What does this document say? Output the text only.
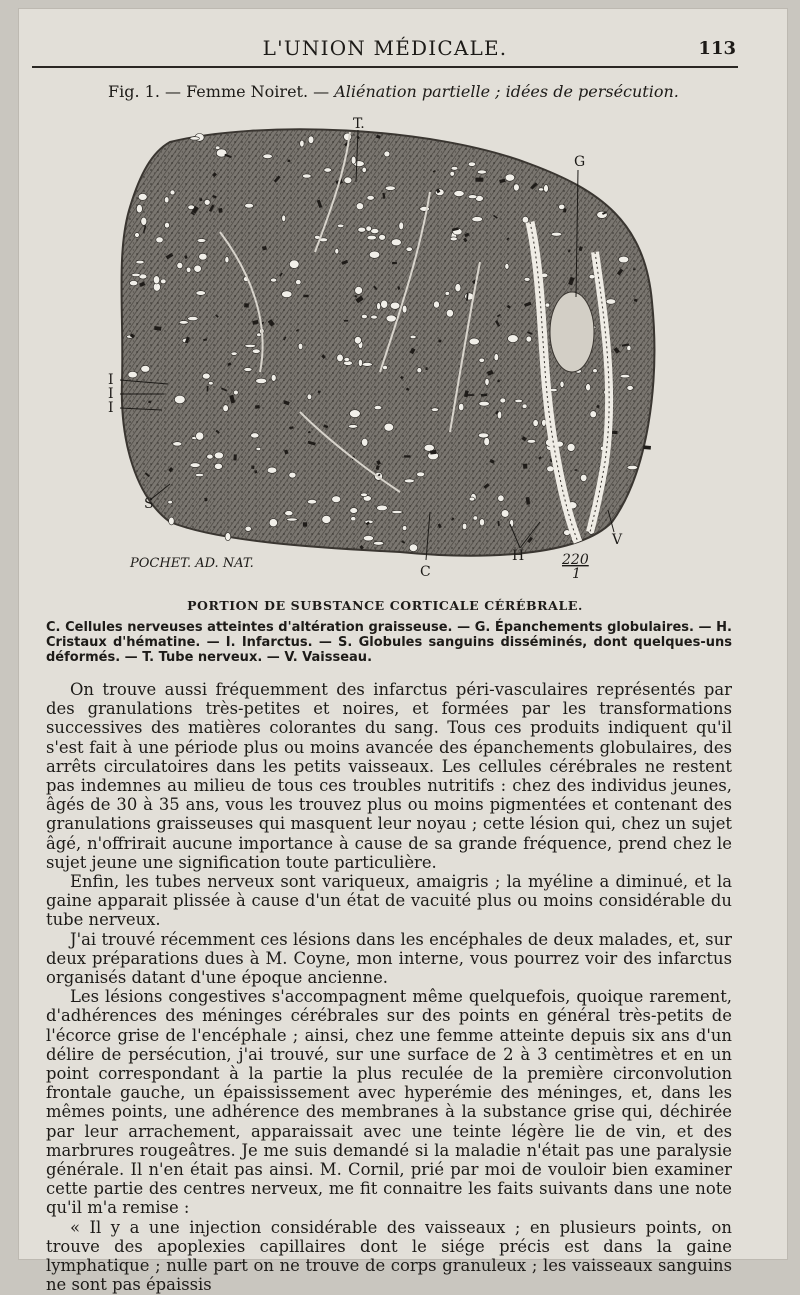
L'UNION MÉDICALE.	113
Fig. 1. — Femme Noiret. — Aliénation partielle ; idées de persécution.
T.
G
I
I
I
S
C
H
V
POCHET. AD. NAT.	220
1
PORTION DE SUBSTANCE CORTICALE CÉRÉBRALE.
C. Cellules nerveuses atteintes d'altération graisseuse. — G. Épanchements globulaires. — H. Cristaux d'hématine. — I. Infarctus. — S. Globules sanguins disséminés, dont quelques-uns déformés. — T. Tube nerveux. — V. Vaisseau.

On trouve aussi fréquemment des infarctus péri-vasculaires représentés par des granulations très-petites et noires, et formées par les transformations successives des matières colorantes du sang. Tous ces produits indiquent qu'il s'est fait à une période plus ou moins avancée des épanchements globulaires, des arrêts circulatoires dans les petits vaisseaux. Les cellules cérébrales ne restent pas indemnes au milieu de tous ces troubles nutritifs : chez des individus jeunes, âgés de 30 à 35 ans, vous les trouvez plus ou moins pigmentées et contenant des granulations graisseuses qui masquent leur noyau ; cette lésion qui, chez un sujet âgé, n'offrirait aucune importance à cause de sa grande fréquence, prend chez le sujet jeune une signification toute particulière.

Enfin, les tubes nerveux sont variqueux, amaigris ; la myéline a diminué, et la gaine apparait plissée à cause d'un état de vacuité plus ou moins considérable du tube nerveux.

J'ai trouvé récemment ces lésions dans les encéphales de deux malades, et, sur deux préparations dues à M. Coyne, mon interne, vous pourrez voir des infarctus organisés datant d'une époque ancienne.

Les lésions congestives s'accompagnent même quelquefois, quoique rarement, d'adhérences des méninges cérébrales sur des points en général très-petits de l'écorce grise de l'encéphale ; ainsi, chez une femme atteinte depuis six ans d'un délire de persécution, j'ai trouvé, sur une surface de 2 à 3 centimètres et en un point correspondant à la partie la plus reculée de la première circonvolution frontale gauche, un épaississement avec hyperémie des méninges, et, dans les mêmes points, une adhérence des membranes à la substance grise qui, déchirée par leur arrachement, apparaissait avec une teinte légère lie de vin, et des marbrures rougeâtres. Je me suis demandé si la maladie n'était pas une paralysie générale. Il n'en était pas ainsi. M. Cornil, prié par moi de vouloir bien examiner cette partie des centres nerveux, me fit connaitre les faits suivants dans une note qu'il m'a remise :

« Il y a une injection considérable des vaisseaux ; en plusieurs points, on trouve des apoplexies capillaires dont le siége précis est dans la gaine lymphatique ; nulle part on ne trouve de corps granuleux ; les vaisseaux sanguins ne sont pas épaissis
